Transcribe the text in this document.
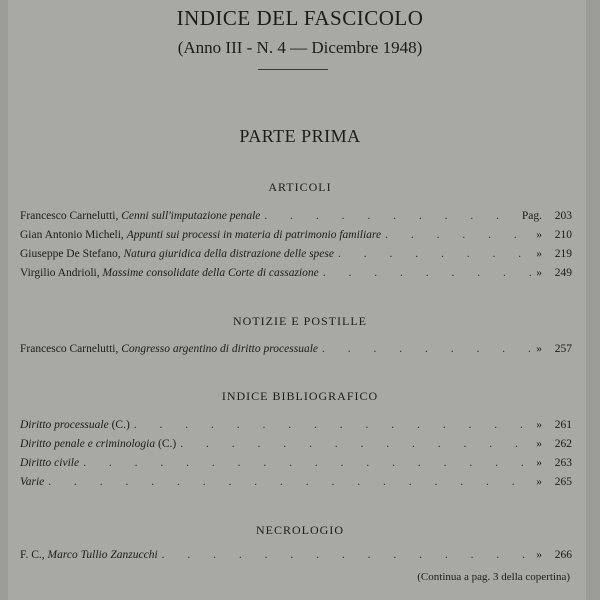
INDICE DEL FASCICOLO
(Anno III - N. 4 — Dicembre 1948)
PARTE PRIMA
ARTICOLI
Francesco Carnelutti, Cenni sull'imputazione penale . . .	Pag.	203
Gian Antonio Micheli, Appunti sui processi in materia di patrimonio familiare . . .	»	210
Giuseppe De Stefano, Natura giuridica della distrazione delle spese . . .	»	219
Virgilio Andrioli, Massime consolidate della Corte di cassazione . . .	»	249
NOTIZIE E POSTILLE
Francesco Carnelutti, Congresso argentino di diritto processuale . . .	»	257
INDICE BIBLIOGRAFICO
Diritto processuale (C.) . . .	»	261
Diritto penale e criminologia (C.) . . .	»	262
Diritto civile . . .	»	263
Varie . . .	»	265
NECROLOGIO
F. C., Marco Tullio Zanzucchi . . .	»	266
(Continua a pag. 3 della copertina)
